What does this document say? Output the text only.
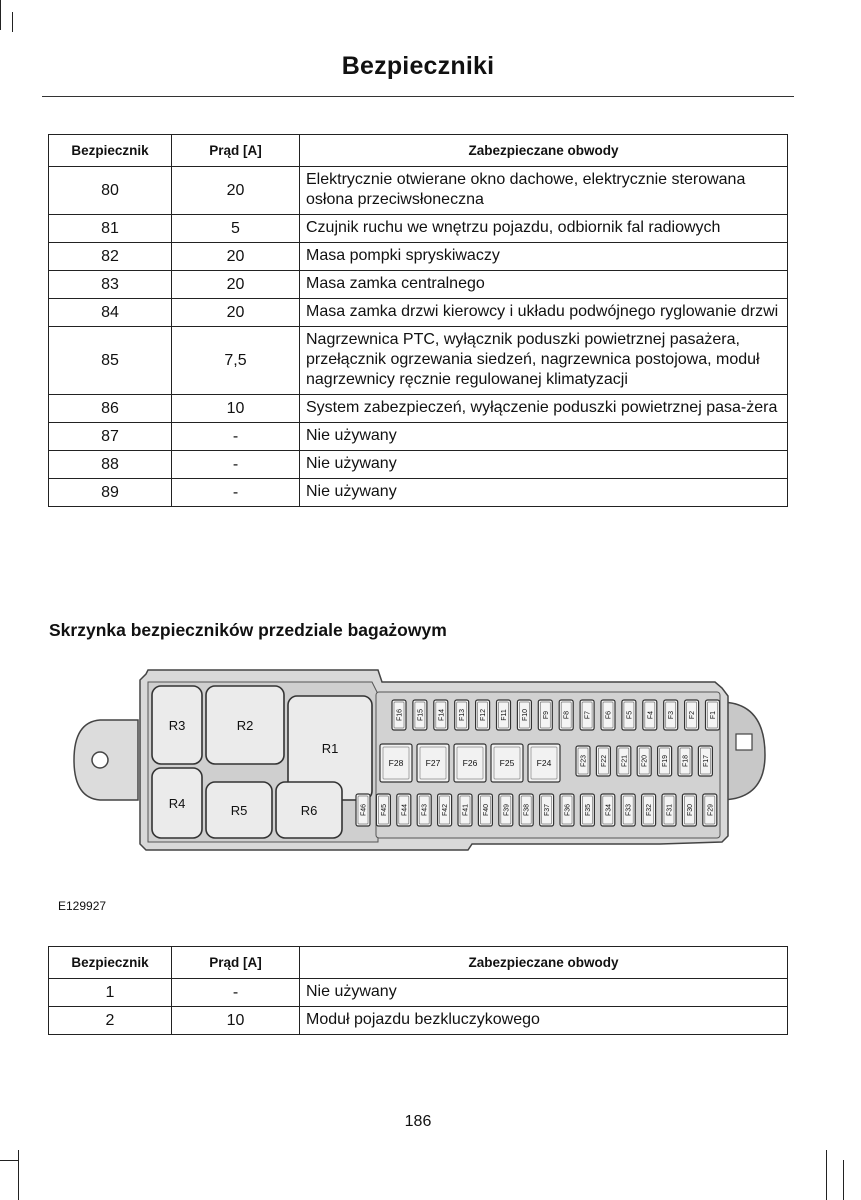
Bezpieczniki
Bezpiecznik	Prąd [A]	Zabezpieczane obwody
80	20	Elektrycznie otwierane okno dachowe, elektrycznie sterowana osłona przeciwsłoneczna
81	5	Czujnik ruchu we wnętrzu pojazdu, odbiornik fal radiowych
82	20	Masa pompki spryskiwaczy
83	20	Masa zamka centralnego
84	20	Masa zamka drzwi kierowcy i układu podwójnego ryglowanie drzwi
85	7,5	Nagrzewnica PTC, wyłącznik poduszki powietrznej pasażera, przełącznik ogrzewania siedzeń, nagrzewnica postojowa, moduł nagrzewnicy ręcznie regulowanej klimatyzacji
86	10	System zabezpieczeń, wyłączenie poduszki powietrznej pasa-żera
87	-	Nie używany
88	-	Nie używany
89	-	Nie używany
Skrzynka bezpieczników przedziale bagażowym
R3	R2
R1
R4	R5	R6
F16 F15 F14 F13 F12 F11 F10 F9 F8 F7 F6 F5 F4 F3 F2 F1
F23 F22 F21 F20 F19 F18 F17
F46 F45 F44 F43 F42 F41 F40 F39 F38 F37 F36 F35 F34 F33 F32 F31 F30 F29
F28	F27	F26	F25	F24
E129927
Bezpiecznik	Prąd [A]	Zabezpieczane obwody
1	-	Nie używany
2	10	Moduł pojazdu bezkluczykowego
186
